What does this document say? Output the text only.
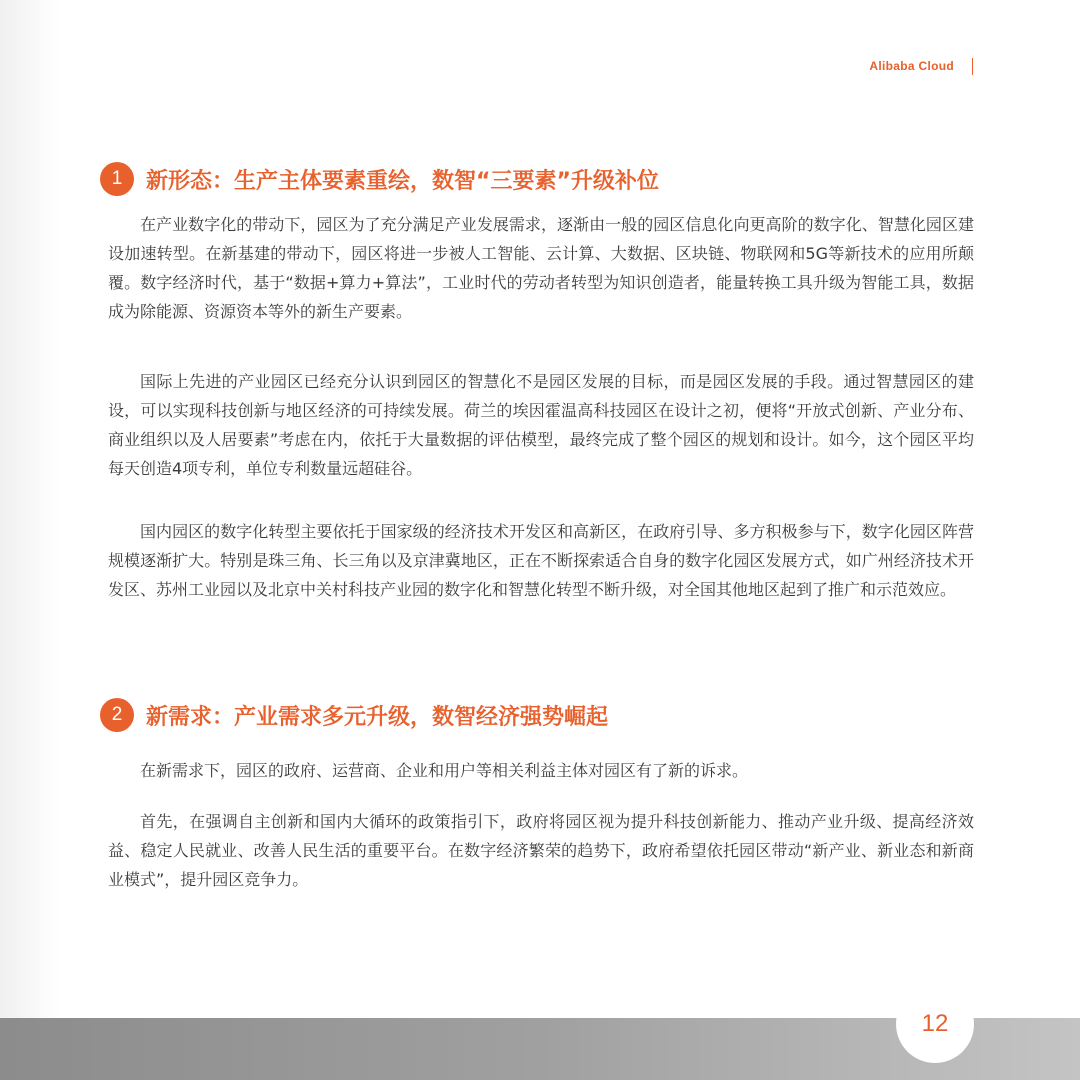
Alibaba Cloud
1	新形态：生产主体要素重绘，数智“三要素”升级补位

在产业数字化的带动下，园区为了充分满足产业发展需求，逐渐由一般的园区信息化向更高阶的数字化、智慧化园区建设加速转型。在新基建的带动下，园区将进一步被人工智能、云计算、大数据、区块链、物联网和5G等新技术的应用所颠覆。数字经济时代，基于“数据+算力+算法”，工业时代的劳动者转型为知识创造者，能量转换工具升级为智能工具，数据成为除能源、资源资本等外的新生产要素。

国际上先进的产业园区已经充分认识到园区的智慧化不是园区发展的目标，而是园区发展的手段。通过智慧园区的建设，可以实现科技创新与地区经济的可持续发展。荷兰的埃因霍温高科技园区在设计之初，便将“开放式创新、产业分布、商业组织以及人居要素”考虑在内，依托于大量数据的评估模型，最终完成了整个园区的规划和设计。如今，这个园区平均每天创造4项专利，单位专利数量远超硅谷。

国内园区的数字化转型主要依托于国家级的经济技术开发区和高新区，在政府引导、多方积极参与下，数字化园区阵营规模逐渐扩大。特别是珠三角、长三角以及京津冀地区，正在不断探索适合自身的数字化园区发展方式，如广州经济技术开发区、苏州工业园以及北京中关村科技产业园的数字化和智慧化转型不断升级，对全国其他地区起到了推广和示范效应。

2	新需求：产业需求多元升级，数智经济强势崛起

在新需求下，园区的政府、运营商、企业和用户等相关利益主体对园区有了新的诉求。

首先，在强调自主创新和国内大循环的政策指引下，政府将园区视为提升科技创新能力、推动产业升级、提高经济效益、稳定人民就业、改善人民生活的重要平台。在数字经济繁荣的趋势下，政府希望依托园区带动“新产业、新业态和新商业模式”，提升园区竞争力。

12
